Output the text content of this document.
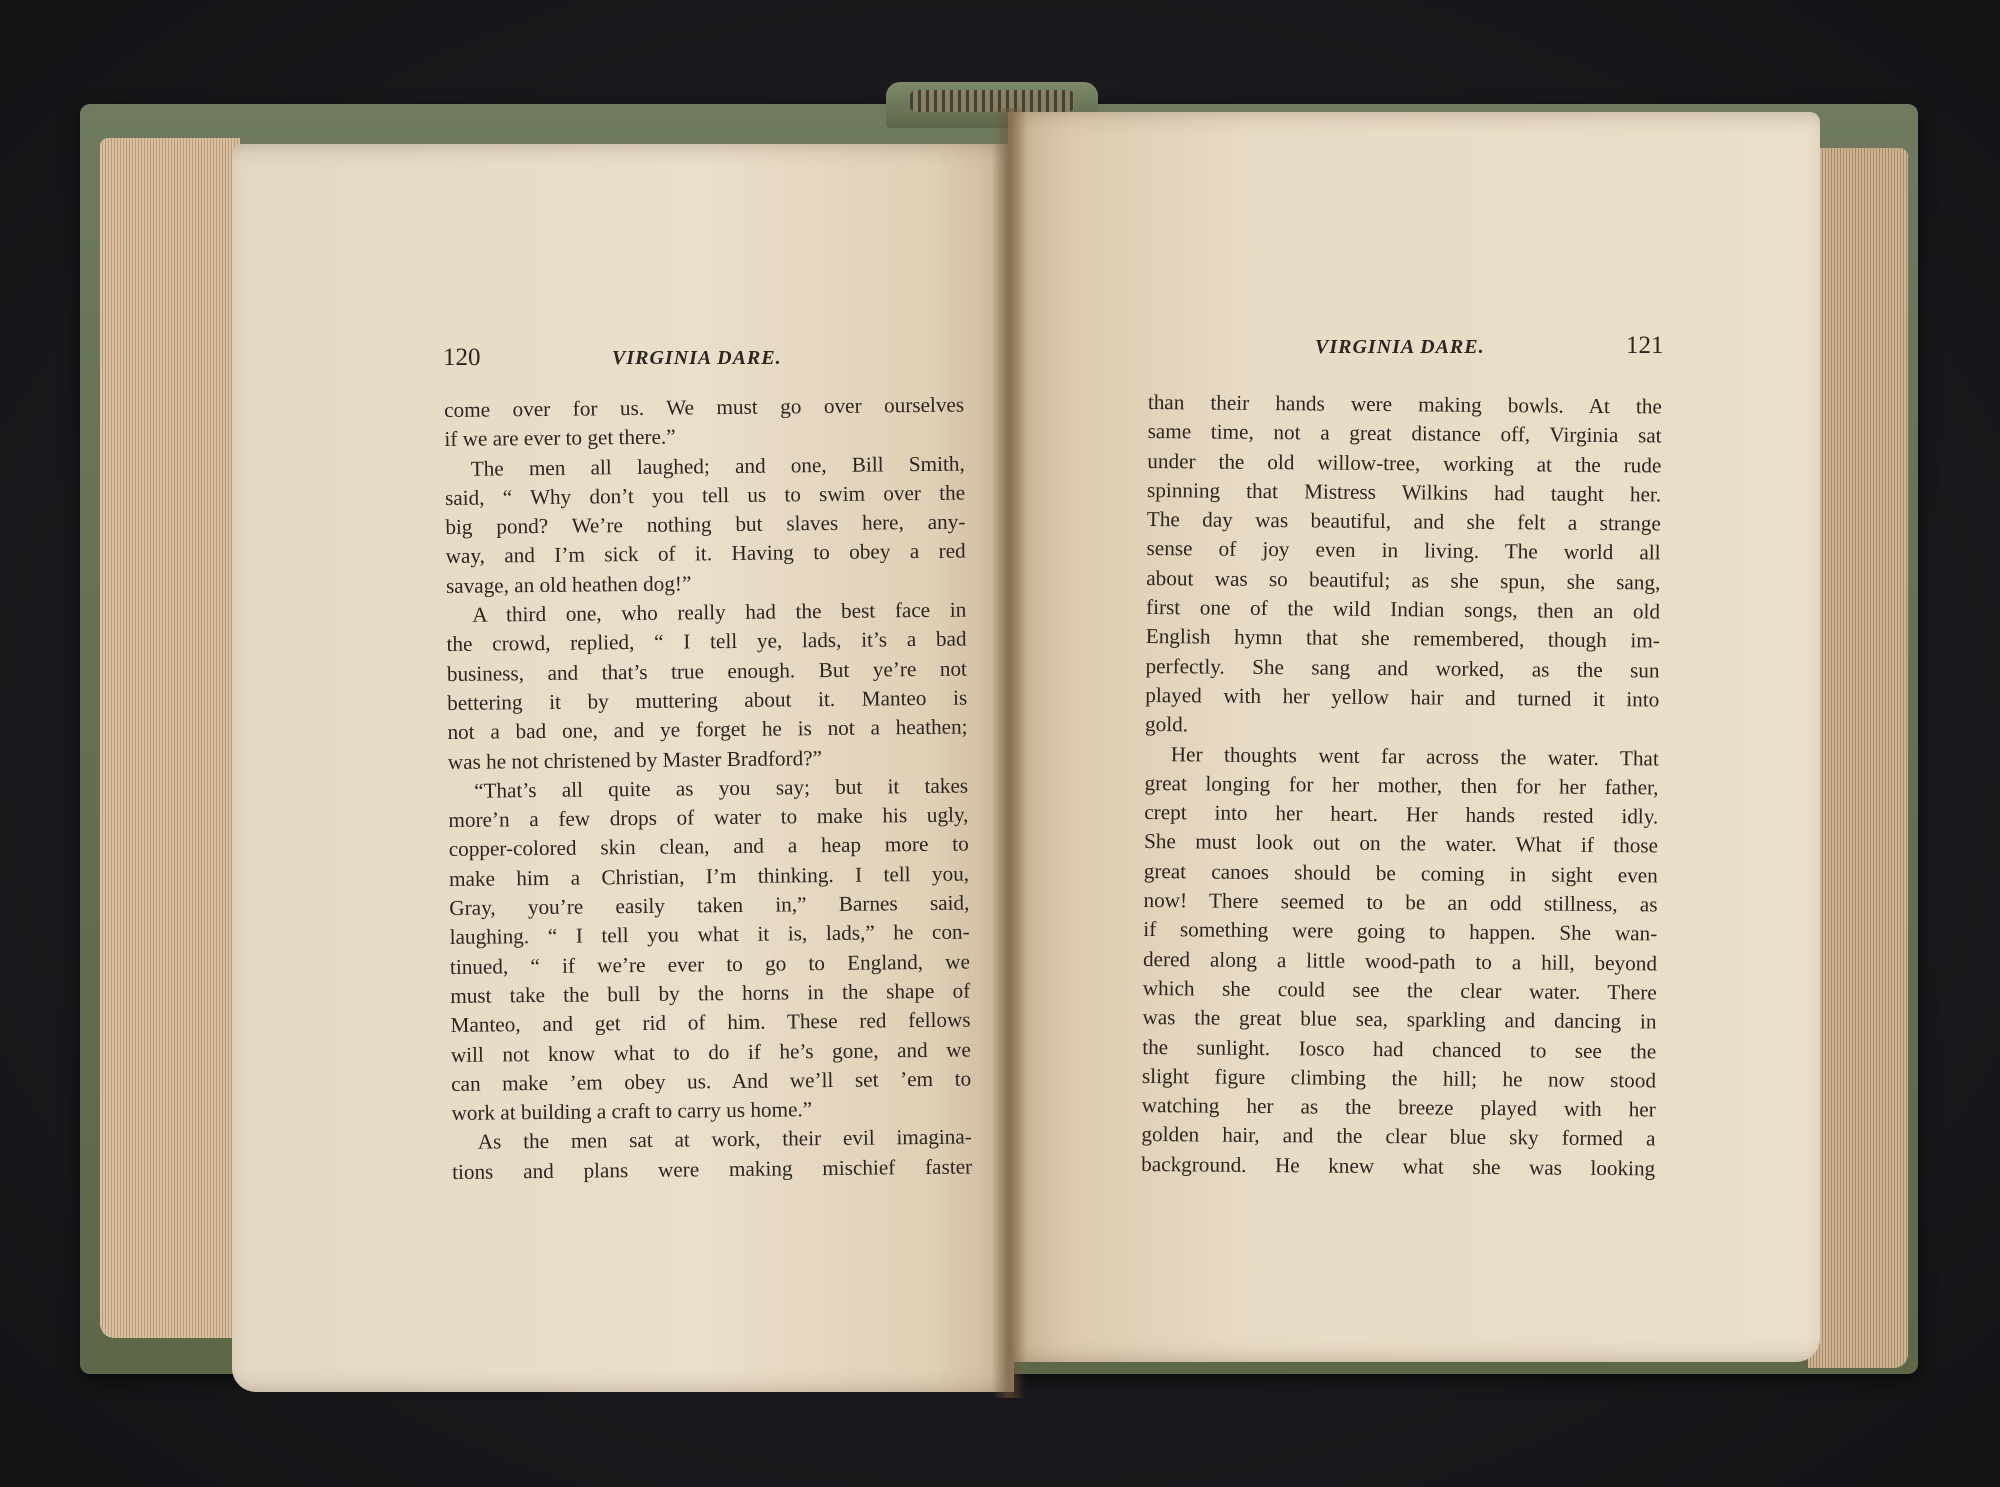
120	VIRGINIA DARE.	VIRGINIA DARE.	121
come over for us. We must go over ourselves
if we are ever to get there.”
The men all laughed; and one, Bill Smith,
said, “ Why don’t you tell us to swim over the
big pond? We’re nothing but slaves here, any-
way, and I’m sick of it. Having to obey a red
savage, an old heathen dog!”
A third one, who really had the best face in
the crowd, replied, “ I tell ye, lads, it’s a bad
business, and that’s true enough. But ye’re not
bettering it by muttering about it. Manteo is
not a bad one, and ye forget he is not a heathen;
was he not christened by Master Bradford?”
“That’s all quite as you say; but it takes
more’n a few drops of water to make his ugly,
copper-colored skin clean, and a heap more to
make him a Christian, I’m thinking. I tell you,
Gray, you’re easily taken in,” Barnes said,
laughing. “ I tell you what it is, lads,” he con-
tinued, “ if we’re ever to go to England, we
must take the bull by the horns in the shape of
Manteo, and get rid of him. These red fellows
will not know what to do if he’s gone, and we
can make ’em obey us. And we’ll set ’em to
work at building a craft to carry us home.”
As the men sat at work, their evil imagina-
tions and plans were making mischief faster
than their hands were making bowls. At the
same time, not a great distance off, Virginia sat
under the old willow-tree, working at the rude
spinning that Mistress Wilkins had taught her.
The day was beautiful, and she felt a strange
sense of joy even in living. The world all
about was so beautiful; as she spun, she sang,
first one of the wild Indian songs, then an old
English hymn that she remembered, though im-
perfectly. She sang and worked, as the sun
played with her yellow hair and turned it into
gold.
Her thoughts went far across the water. That
great longing for her mother, then for her father,
crept into her heart. Her hands rested idly.
She must look out on the water. What if those
great canoes should be coming in sight even
now! There seemed to be an odd stillness, as
if something were going to happen. She wan-
dered along a little wood-path to a hill, beyond
which she could see the clear water. There
was the great blue sea, sparkling and dancing in
the sunlight. Iosco had chanced to see the
slight figure climbing the hill; he now stood
watching her as the breeze played with her
golden hair, and the clear blue sky formed a
background. He knew what she was looking
